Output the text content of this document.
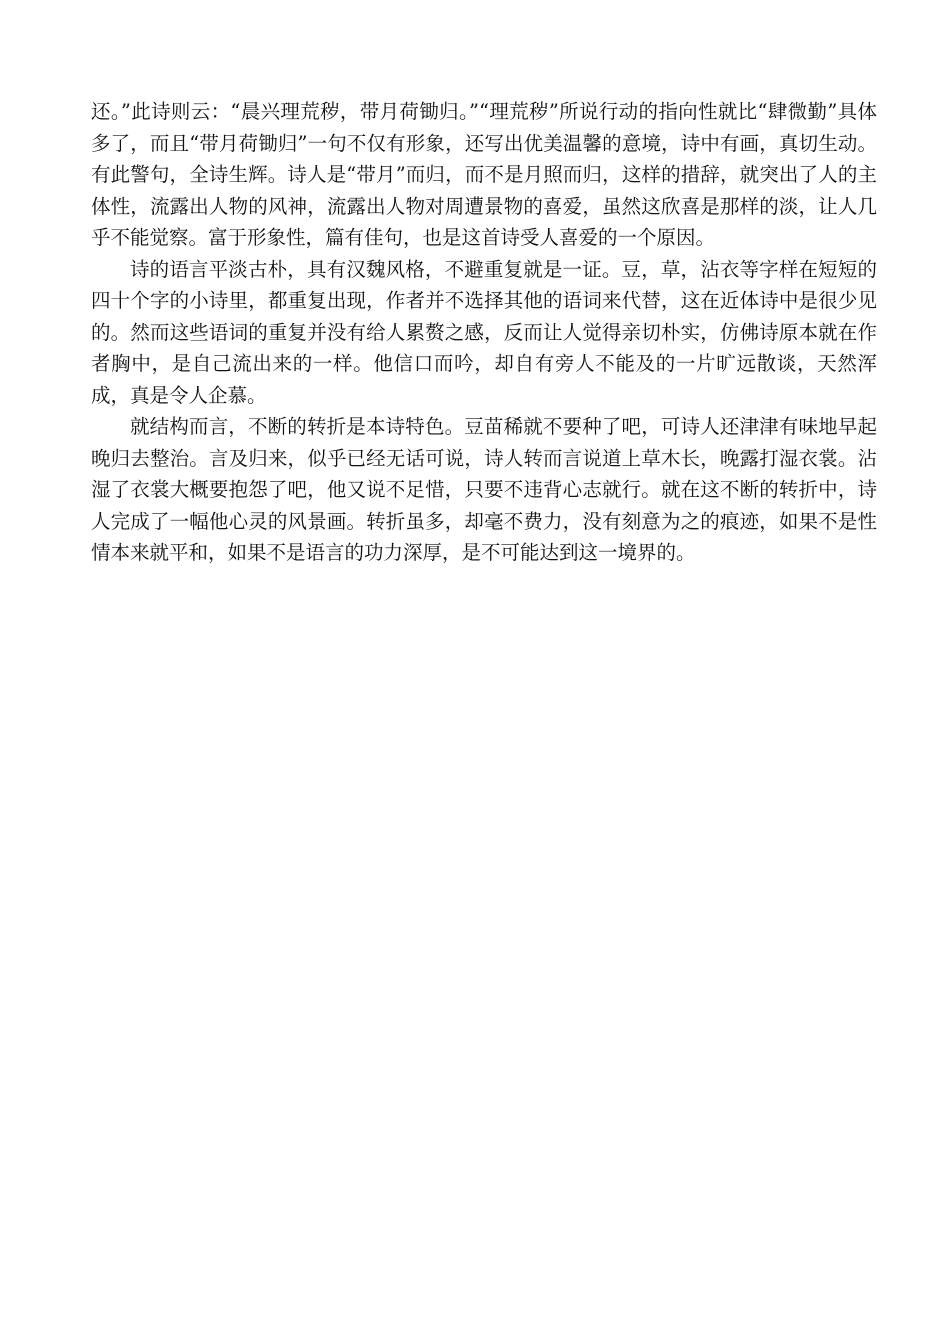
还。”此诗则云：“晨兴理荒秽，带月荷锄归。”“理荒秽”所说行动的指向性就比“肆微勤”具体多了，而且“带月荷锄归”一句不仅有形象，还写出优美温馨的意境，诗中有画，真切生动。有此警句，全诗生辉。诗人是“带月”而归，而不是月照而归，这样的措辞，就突出了人的主体性，流露出人物的风神，流露出人物对周遭景物的喜爱，虽然这欣喜是那样的淡，让人几乎不能觉察。富于形象性，篇有佳句，也是这首诗受人喜爱的一个原因。

诗的语言平淡古朴，具有汉魏风格，不避重复就是一证。豆，草，沾衣等字样在短短的四十个字的小诗里，都重复出现，作者并不选择其他的语词来代替，这在近体诗中是很少见的。然而这些语词的重复并没有给人累赘之感，反而让人觉得亲切朴实，仿佛诗原本就在作者胸中，是自己流出来的一样。他信口而吟，却自有旁人不能及的一片旷远散谈，天然浑成，真是令人企慕。

就结构而言，不断的转折是本诗特色。豆苗稀就不要种了吧，可诗人还津津有味地早起晚归去整治。言及归来，似乎已经无话可说，诗人转而言说道上草木长，晚露打湿衣裳。沾湿了衣裳大概要抱怨了吧，他又说不足惜，只要不违背心志就行。就在这不断的转折中，诗人完成了一幅他心灵的风景画。转折虽多，却毫不费力，没有刻意为之的痕迹，如果不是性情本来就平和，如果不是语言的功力深厚，是不可能达到这一境界的。
